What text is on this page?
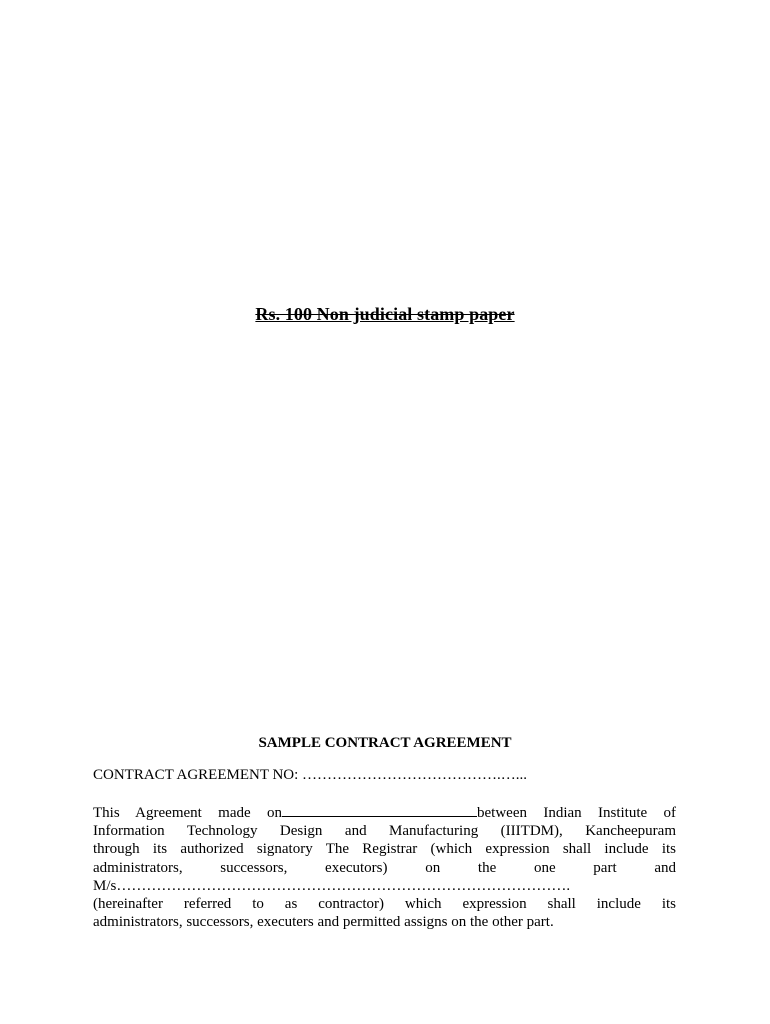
Rs. 100 Non judicial stamp paper
SAMPLE CONTRACT AGREEMENT
CONTRACT AGREEMENT NO: ………………………………….…...
This Agreement made on	between Indian Institute of
Information Technology Design and Manufacturing (IIITDM), Kancheepuram
through its authorized signatory The Registrar (which expression shall include its
administrators, successors, executors) on the one part and
M/s……………………………………………………………………………….
(hereinafter referred to as contractor) which expression shall include its
administrators, successors, executers and permitted assigns on the other part.
